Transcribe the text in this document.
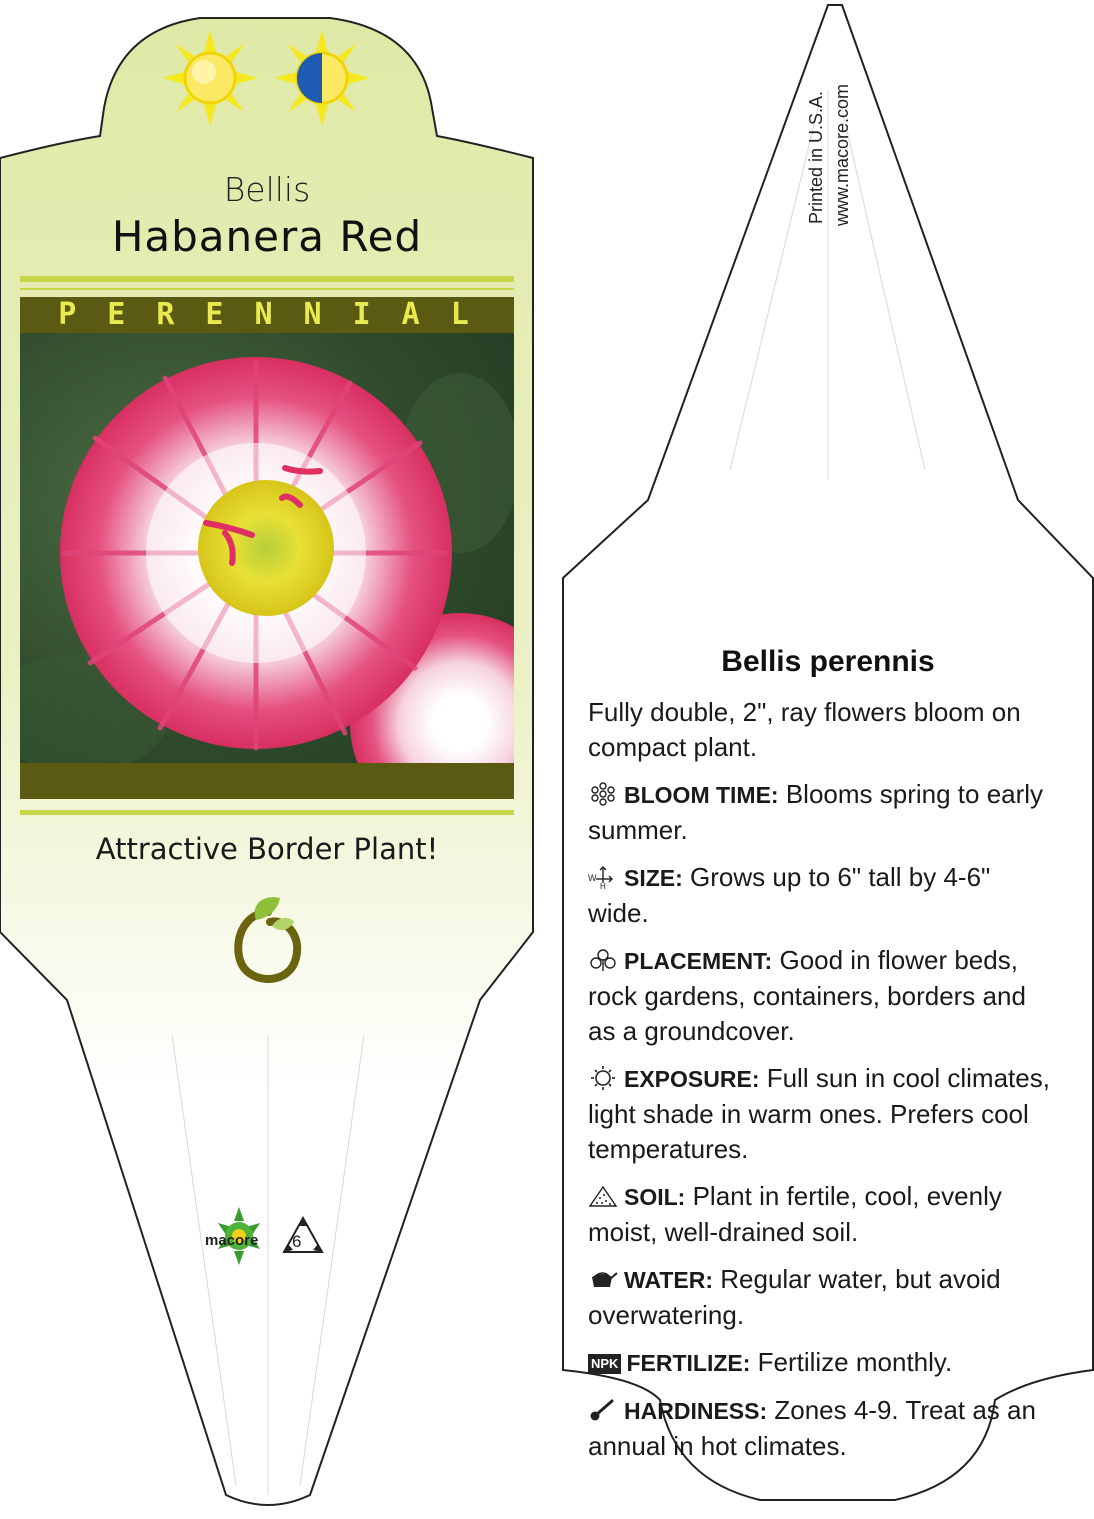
Bellis
Habanera Red
PERENNIAL
Attractive Border Plant!
macore 6
Printed in U.S.A. www.macore.com
Bellis perennis
Fully double, 2", ray flowers bloom on compact plant.
BLOOM TIME: Blooms spring to early summer.
W
H SIZE: Grows up to 6" tall by 4-6" wide.
PLACEMENT: Good in flower beds, rock gardens, containers, borders and as a groundcover.
EXPOSURE: Full sun in cool climates, light shade in warm ones. Prefers cool temperatures.
SOIL: Plant in fertile, cool, evenly moist, well-drained soil.
WATER: Regular water, but avoid overwatering.
NPK FERTILIZE: Fertilize monthly.
HARDINESS: Zones 4-9. Treat as an annual in hot climates.
